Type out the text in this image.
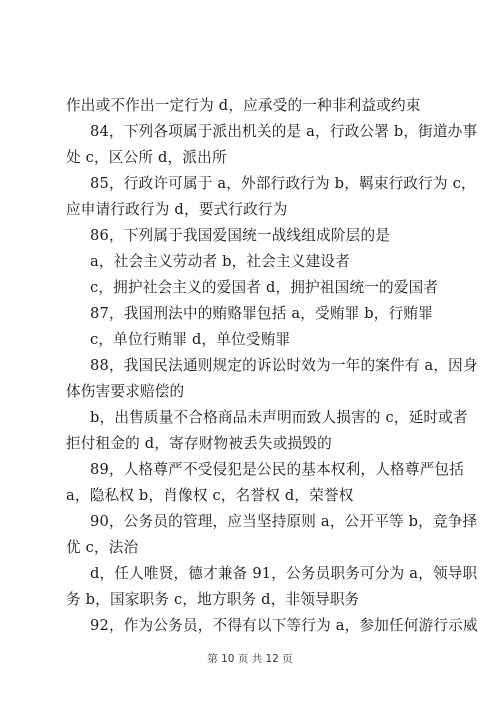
作出或不作出一定行为 d，应承受的一种非利益或约束
84，下列各项属于派出机关的是 a，行政公署 b，街道办事
处 c，区公所 d，派出所
85，行政许可属于 a，外部行政行为 b，羁束行政行为 c，
应申请行政行为 d，要式行政行为
86，下列属于我国爱国统一战线组成阶层的是
a，社会主义劳动者 b，社会主义建设者
c，拥护社会主义的爱国者 d，拥护祖国统一的爱国者
87，我国刑法中的贿赂罪包括 a，受贿罪 b，行贿罪
c，单位行贿罪 d，单位受贿罪
88，我国民法通则规定的诉讼时效为一年的案件有 a，因身
体伤害要求赔偿的
b，出售质量不合格商品未声明而致人损害的 c，延时或者
拒付租金的 d，寄存财物被丢失或损毁的
89，人格尊严不受侵犯是公民的基本权利，人格尊严包括
a，隐私权 b，肖像权 c，名誉权 d，荣誉权
90，公务员的管理，应当坚持原则 a，公开平等 b，竞争择
优 c，法治
d，任人唯贤，德才兼备 91，公务员职务可分为 a，领导职
务 b，国家职务 c，地方职务 d，非领导职务
92，作为公务员，不得有以下等行为 a，参加任何游行示威
第 10 页 共 12 页
